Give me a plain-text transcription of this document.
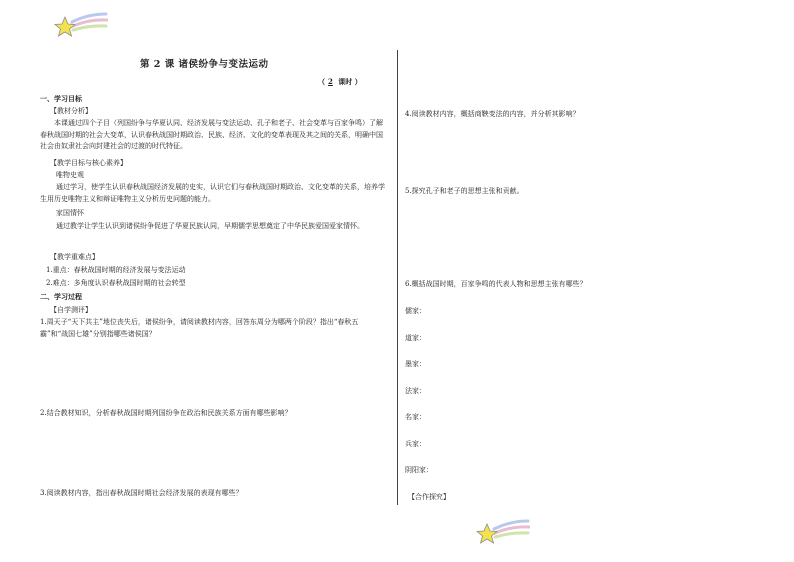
第 2 课 诸侯纷争与变法运动
（ 2 课时 ）
一、学习目标
【教材分析】
本课通过四个子目（列国纷争与华夏认同、经济发展与变法运动、孔子和老子、社会变革与百家争鸣）了解春秋战国时期的社会大变革，认识春秋战国时期政治、民族、经济、文化的变革表现及其之间的关系，明确中国社会由奴隶社会向封建社会的过渡的时代特征。
【教学目标与核心素养】
唯物史观
通过学习，使学生认识春秋战国经济发展的史实，认识它们与春秋战国时期政治、文化变革的关系，培养学生用历史唯物主义和辩证唯物主义分析历史问题的能力。
家国情怀
通过教学让学生认识到诸侯纷争促进了华夏民族认同，早期儒学思想奠定了中华民族爱国爱家情怀。
【教学重难点】
1.重点：春秋战国时期的经济发展与变法运动
2.难点：多角度认识春秋战国时期的社会转型
二、学习过程
【自学测评】
1.周天子“天下共主”地位丧失后，诸侯纷争，请阅读教材内容，回答东周分为哪两个阶段？指出“春秋五霸”和“战国七雄”分别指哪些诸侯国？
2.结合教材知识，分析春秋战国时期列国纷争在政治和民族关系方面有哪些影响？
3.阅读教材内容，指出春秋战国时期社会经济发展的表现有哪些？
4.阅读教材内容，概括商鞅变法的内容，并分析其影响？
5.探究孔子和老子的思想主张和贡献。
6.概括战国时期，百家争鸣的代表人物和思想主张有哪些？
儒家：
道家：
墨家：
法家：
名家：
兵家：
阴阳家：
【合作探究】
